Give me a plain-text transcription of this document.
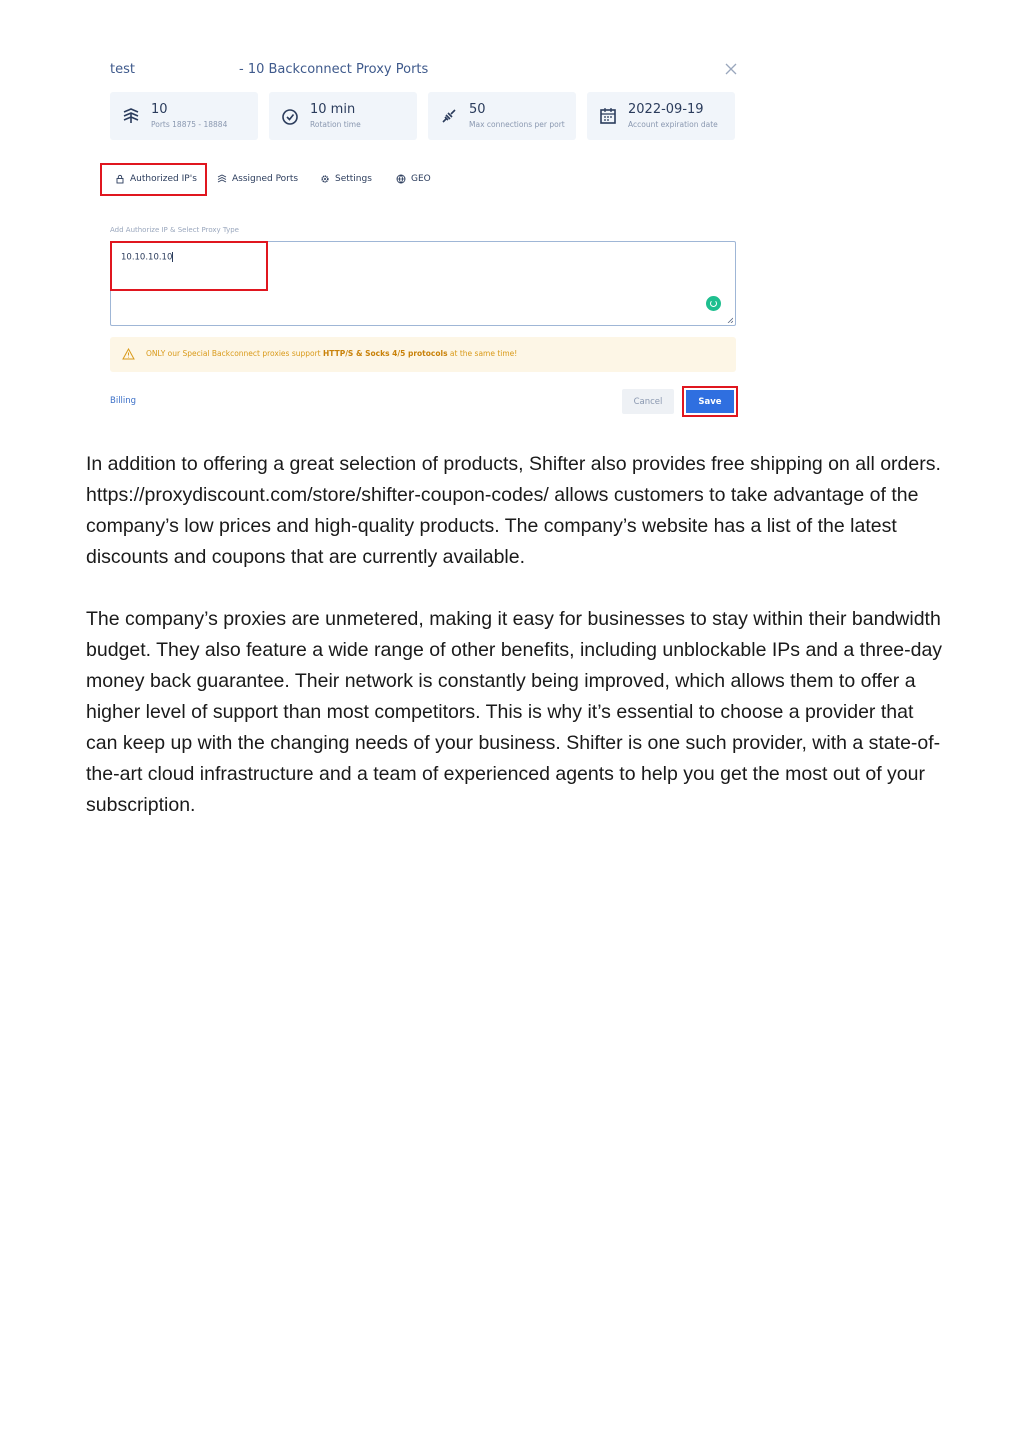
test	- 10 Backconnect Proxy Ports
10
Ports 18875 - 18884
10 min
Rotation time
50
Max connections per port
2022-09-19
Account expiration date
Authorized IP's	Assigned Ports	Settings	GEO
Add Authorize IP & Select Proxy Type
10.10.10.10
ONLY our Special Backconnect proxies support HTTP/S & Socks 4/5 protocols at the same time!
Billing	Cancel	Save

In addition to offering a great selection of products, Shifter also provides free shipping on all orders. https://proxydiscount.com/store/shifter-coupon-codes/ allows customers to take advantage of the company’s low prices and high-quality products. The company’s website has a list of the latest discounts and coupons that are currently available.

The company’s proxies are unmetered, making it easy for businesses to stay within their bandwidth budget. They also feature a wide range of other benefits, including unblockable IPs and a three-day money back guarantee. Their network is constantly being improved, which allows them to offer a higher level of support than most competitors. This is why it’s essential to choose a provider that can keep up with the changing needs of your business. Shifter is one such provider, with a state-of-the-art cloud infrastructure and a team of experienced agents to help you get the most out of your subscription.
